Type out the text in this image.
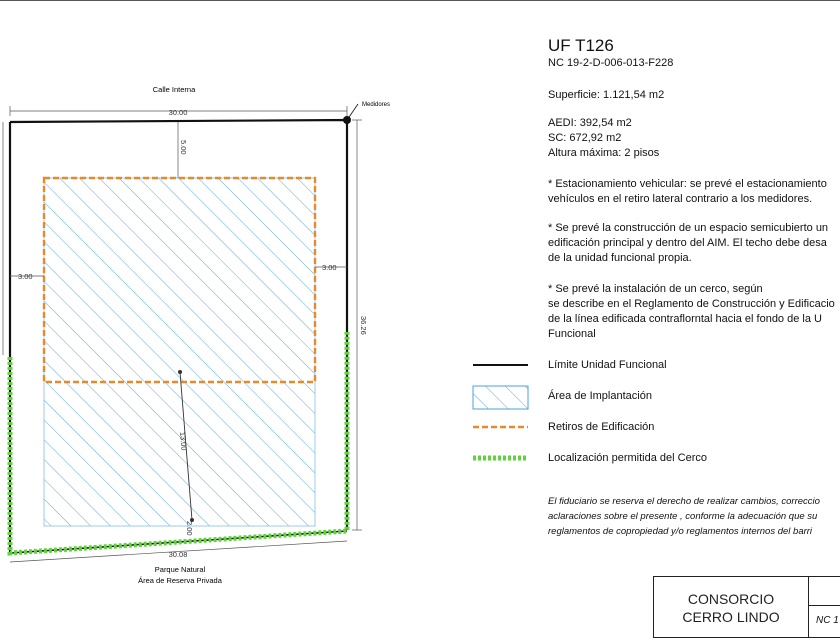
Calle Interna
Medidores
30.00
5.00
3.00
3.00
36.26
13.00
2.00
30.08
Parque Natural
Área de Reserva Privada
UF T126
NC 19-2-D-006-013-F228
Superficie: 1.121,54 m2
AEDI: 392,54 m2
SC: 672,92 m2
Altura máxima: 2 pisos
* Estacionamiento vehicular: se prevé el estacionamiento
vehículos en el retiro lateral contrario a los medidores.
* Se prevé la construcción de un espacio semicubierto un
edificación principal y dentro del AIM. El techo debe desa
de la unidad funcional propia.
* Se prevé la instalación de un cerco, según
se describe en el Reglamento de Construcción y Edificacio
de la línea edificada contraflorntal hacia el fondo de la U
Funcional
Límite Unidad Funcional
Área de Implantación
Retiros de Edificación
Localización permitida del Cerco
El fiduciario se reserva el derecho de realizar cambios, correccio
aclaraciones sobre el presente , conforme la adecuación que su
reglamentos de copropiedad y/o reglamentos internos del barri
CONSORCIO
CERRO LINDO	NC 1
